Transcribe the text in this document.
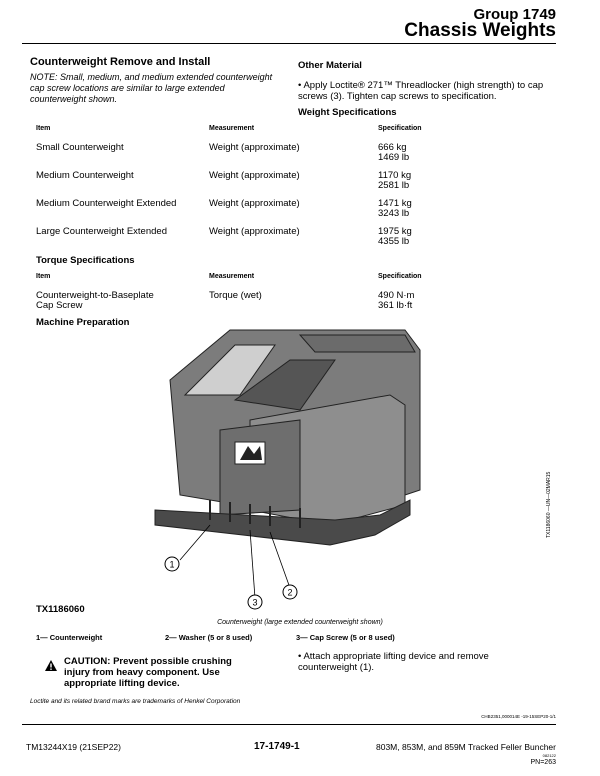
Group 1749
Chassis Weights
Counterweight Remove and Install
NOTE: Small, medium, and medium extended counterweight cap screw locations are similar to large extended counterweight shown.
Other Material
• Apply Loctite® 271™ Threadlocker (high strength) to cap screws (3). Tighten cap screws to specification.
Weight Specifications
Item	Measurement	Specification
Small Counterweight	Weight (approximate)	666 kg
1469 lb
Medium Counterweight	Weight (approximate)	1170 kg
2581 lb
Medium Counterweight Extended	Weight (approximate)	1471 kg
3243 lb
Large Counterweight Extended	Weight (approximate)	1975 kg
4355 lb
Torque Specifications
Item	Measurement	Specification
Counterweight-to-Baseplate
Cap Screw
Torque (wet)	490 N·m
361 lb·ft
Machine Preparation
1
2
3
TX1186060 —UN—02MAR15
TX1186060
Counterweight (large extended counterweight shown)
1— Counterweight	2— Washer (5 or 8 used)	3— Cap Screw (5 or 8 used)
CAUTION: Prevent possible crushing injury from heavy component. Use appropriate lifting device.
• Attach appropriate lifting device and remove counterweight (1).
Loctite and its related brand marks are trademarks of Henkel Corporation
CHB2351,000014E -19-15SEP20-1/1
TM13244X19 (21SEP22)	17-1749-1	803M, 853M, and 859M Tracked Feller Buncher
082122
PN=263
